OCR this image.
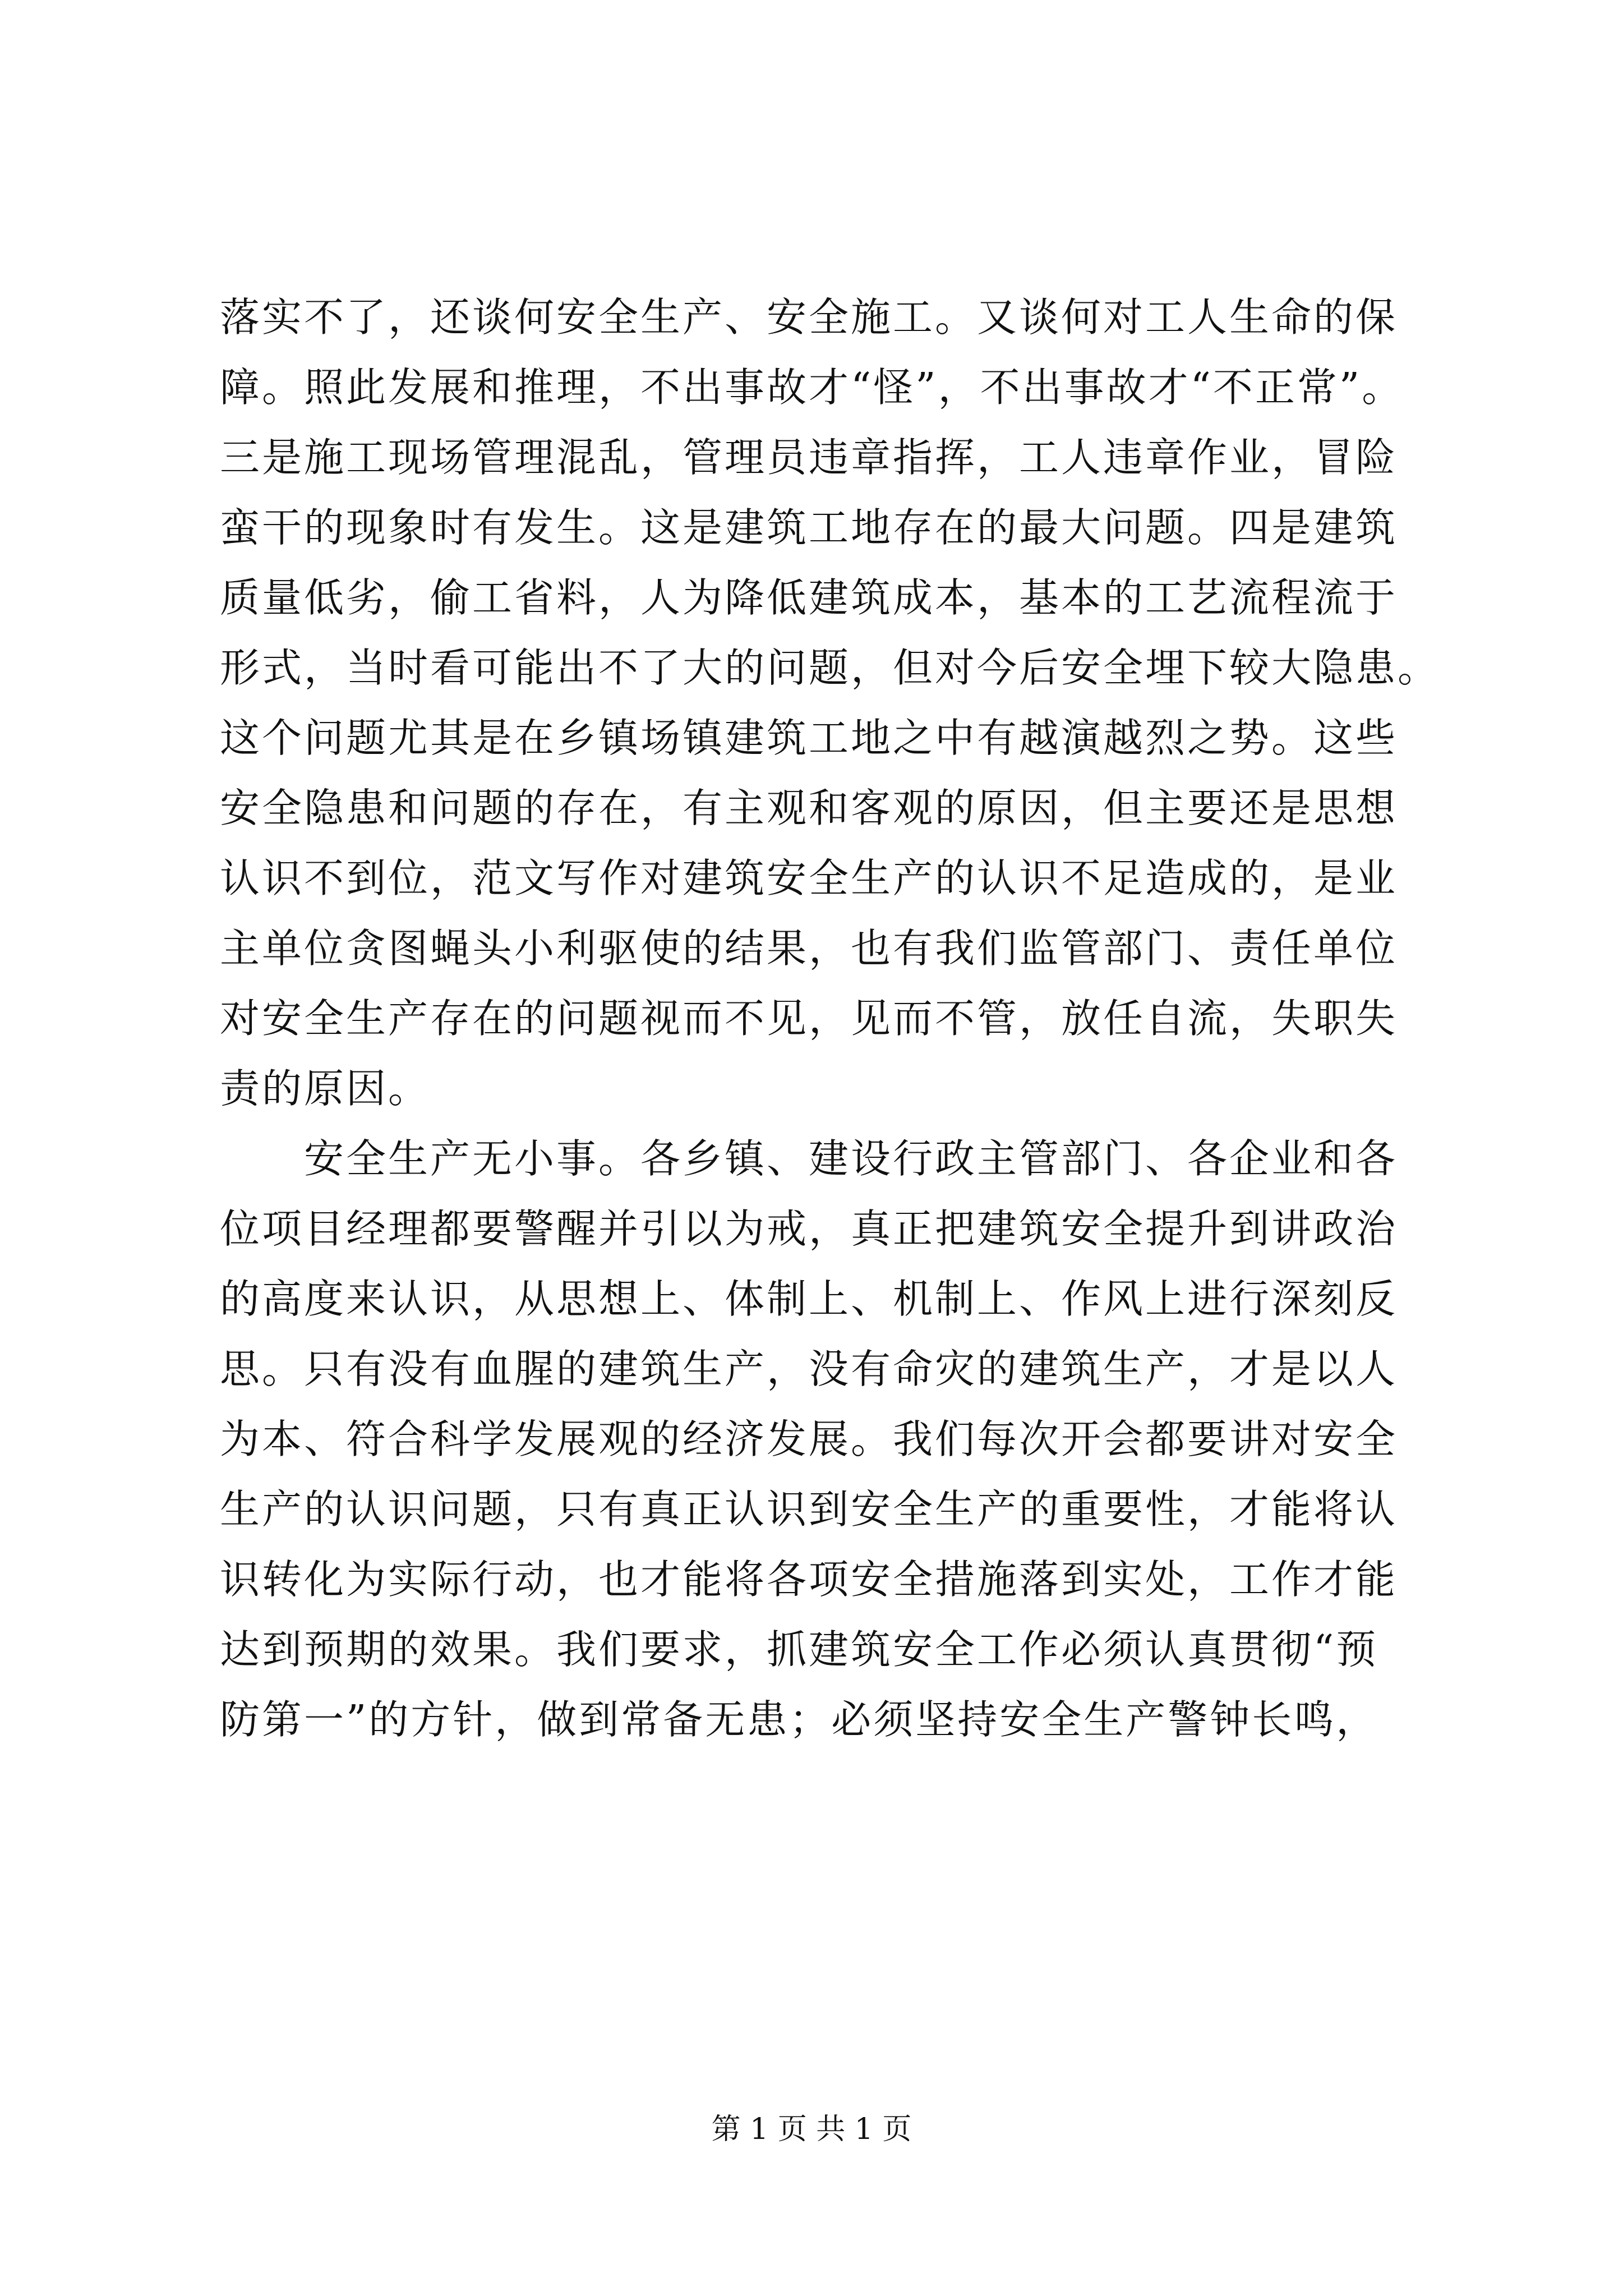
落实不了，还谈何安全生产、安全施工。又谈何对工人生命的保
障。照此发展和推理，不出事故才“怪”，不出事故才“不正常”。
三是施工现场管理混乱，管理员违章指挥，工人违章作业，冒险
蛮干的现象时有发生。这是建筑工地存在的最大问题。四是建筑
质量低劣，偷工省料，人为降低建筑成本，基本的工艺流程流于
形式，当时看可能出不了大的问题，但对今后安全埋下较大隐患。
这个问题尤其是在乡镇场镇建筑工地之中有越演越烈之势。这些
安全隐患和问题的存在，有主观和客观的原因，但主要还是思想
认识不到位，范文写作对建筑安全生产的认识不足造成的，是业
主单位贪图蝇头小利驱使的结果，也有我们监管部门、责任单位
对安全生产存在的问题视而不见，见而不管，放任自流，失职失
责的原因。
安全生产无小事。各乡镇、建设行政主管部门、各企业和各
位项目经理都要警醒并引以为戒，真正把建筑安全提升到讲政治
的高度来认识，从思想上、体制上、机制上、作风上进行深刻反
思。只有没有血腥的建筑生产，没有命灾的建筑生产，才是以人
为本、符合科学发展观的经济发展。我们每次开会都要讲对安全
生产的认识问题，只有真正认识到安全生产的重要性，才能将认
识转化为实际行动，也才能将各项安全措施落到实处，工作才能
达到预期的效果。我们要求，抓建筑安全工作必须认真贯彻“预
防第一”的方针，做到常备无患；必须坚持安全生产警钟长鸣，
第 1 页 共 1 页
